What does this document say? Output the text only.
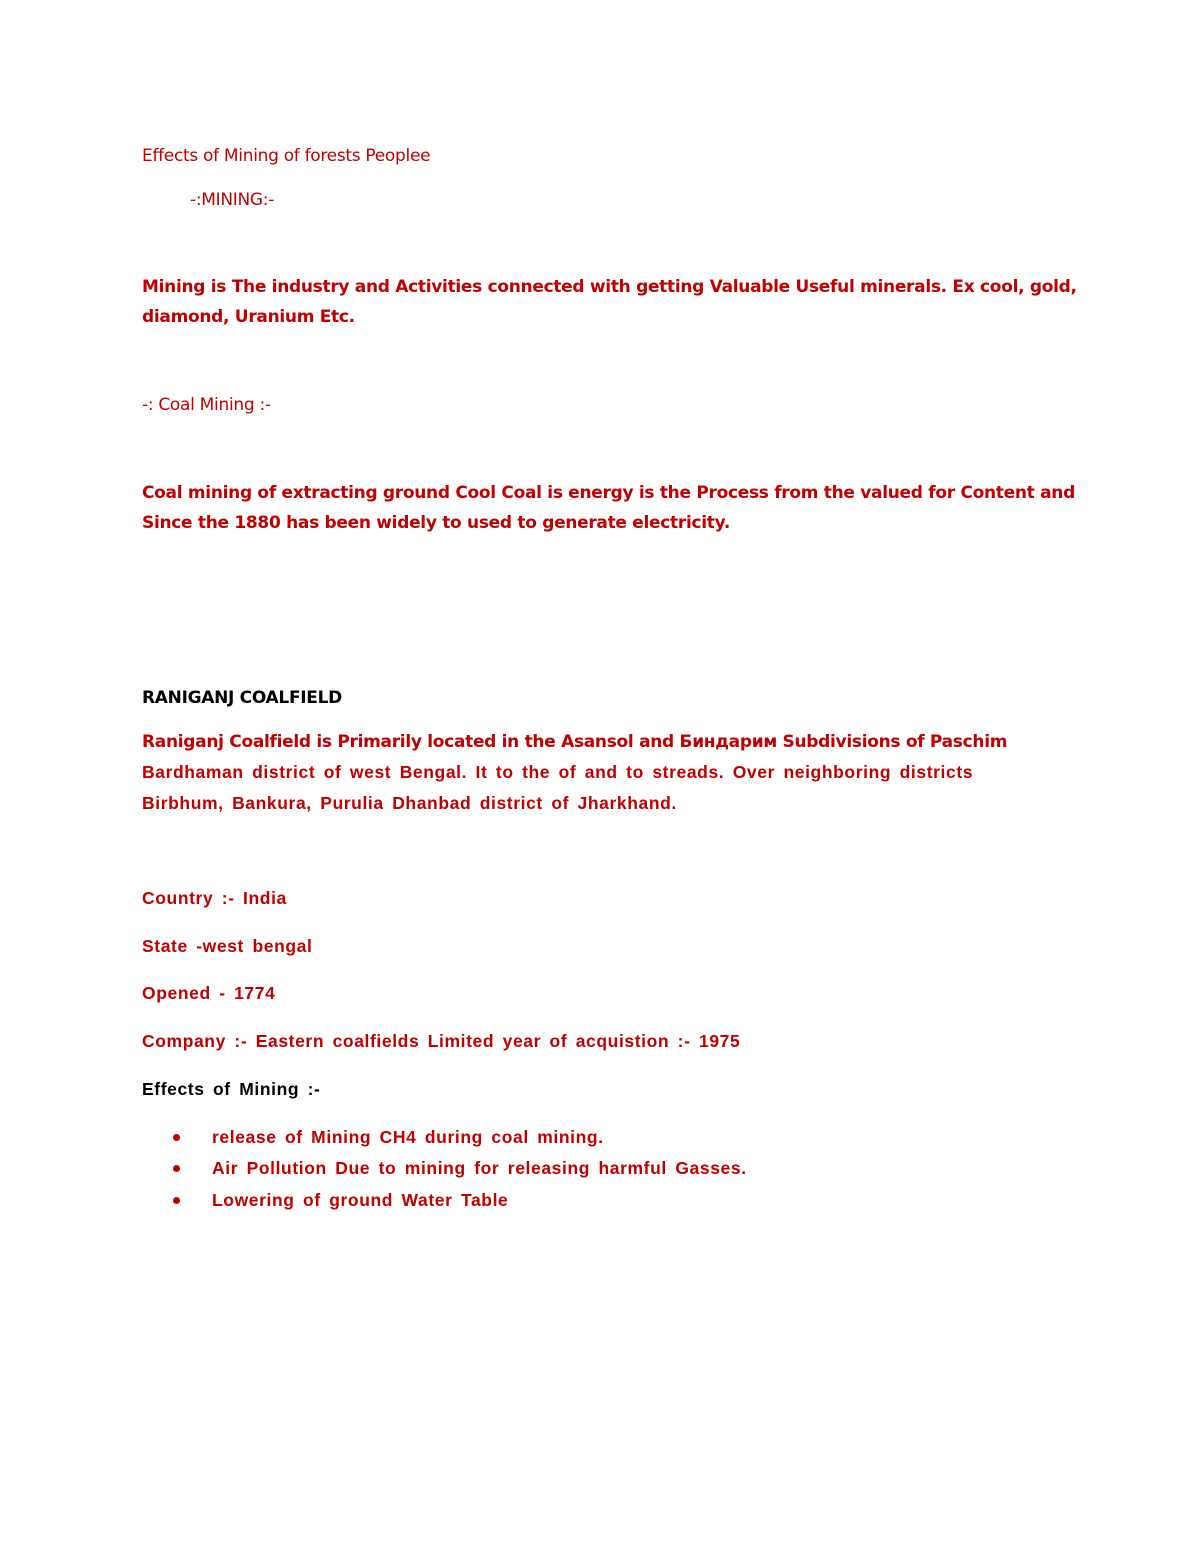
Effects of Mining of forests Peoplee
-:MINING:-
Mining is The industry and Activities connected with getting Valuable Useful minerals. Ex cool, gold,
diamond, Uranium Etc.
-: Coal Mining :-
Coal mining of extracting ground Cool Coal is energy is the Process from the valued for Content and
Since the 1880 has been widely to used to generate electricity.
RANIGANJ COALFIELD
Raniganj Coalfield is Primarily located in the Asansol and Биндарим Subdivisions of Paschim
Bardhaman district of west Bengal. It to the of and to streads. Over neighboring districts
Birbhum, Bankura, Purulia Dhanbad district of Jharkhand.
Country :- India
State -west bengal
Opened - 1774
Company :- Eastern coalfields Limited year of acquistion :- 1975
Effects of Mining :-
release of Mining CH4 during coal mining.
Air Pollution Due to mining for releasing harmful Gasses.
Lowering of ground Water Table
